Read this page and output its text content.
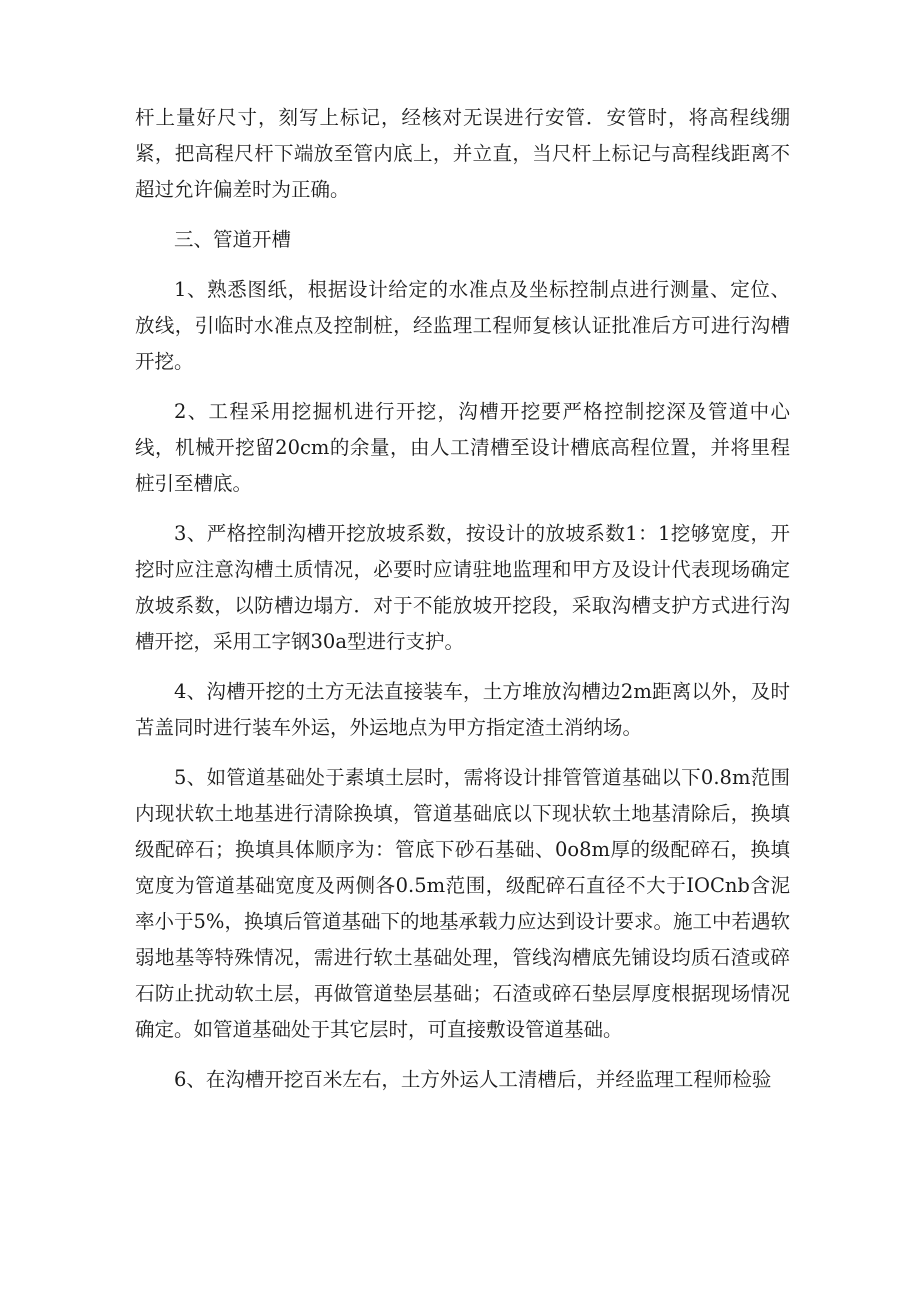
杆上量好尺寸，刻写上标记，经核对无误进行安管．安管时，将高程线绷紧，把高程尺杆下端放至管内底上，并立直，当尺杆上标记与高程线距离不超过允许偏差时为正确。

三、管道开槽

1、熟悉图纸，根据设计给定的水准点及坐标控制点进行测量、定位、放线，引临时水准点及控制桩，经监理工程师复核认证批准后方可进行沟槽开挖。

2、工程采用挖掘机进行开挖，沟槽开挖要严格控制挖深及管道中心线，机械开挖留20cm的余量，由人工清槽至设计槽底高程位置，并将里程桩引至槽底。

3、严格控制沟槽开挖放坡系数，按设计的放坡系数1：1挖够宽度，开挖时应注意沟槽土质情况，必要时应请驻地监理和甲方及设计代表现场确定放坡系数，以防槽边塌方．对于不能放坡开挖段，采取沟槽支护方式进行沟槽开挖，采用工字钢30a型进行支护。

4、沟槽开挖的土方无法直接装车，土方堆放沟槽边2m距离以外，及时苫盖同时进行装车外运，外运地点为甲方指定渣土消纳场。

5、如管道基础处于素填土层时，需将设计排管管道基础以下0.8m范围内现状软土地基进行清除换填，管道基础底以下现状软土地基清除后，换填级配碎石；换填具体顺序为：管底下砂石基础、0o8m厚的级配碎石，换填宽度为管道基础宽度及两侧各0.5m范围，级配碎石直径不大于IOCnb含泥率小于5%，换填后管道基础下的地基承载力应达到设计要求。施工中若遇软弱地基等特殊情况，需进行软土基础处理，管线沟槽底先铺设均质石渣或碎石防止扰动软土层，再做管道垫层基础；石渣或碎石垫层厚度根据现场情况确定。如管道基础处于其它层时，可直接敷设管道基础。

6、在沟槽开挖百米左右，土方外运人工清槽后，并经监理工程师检验
